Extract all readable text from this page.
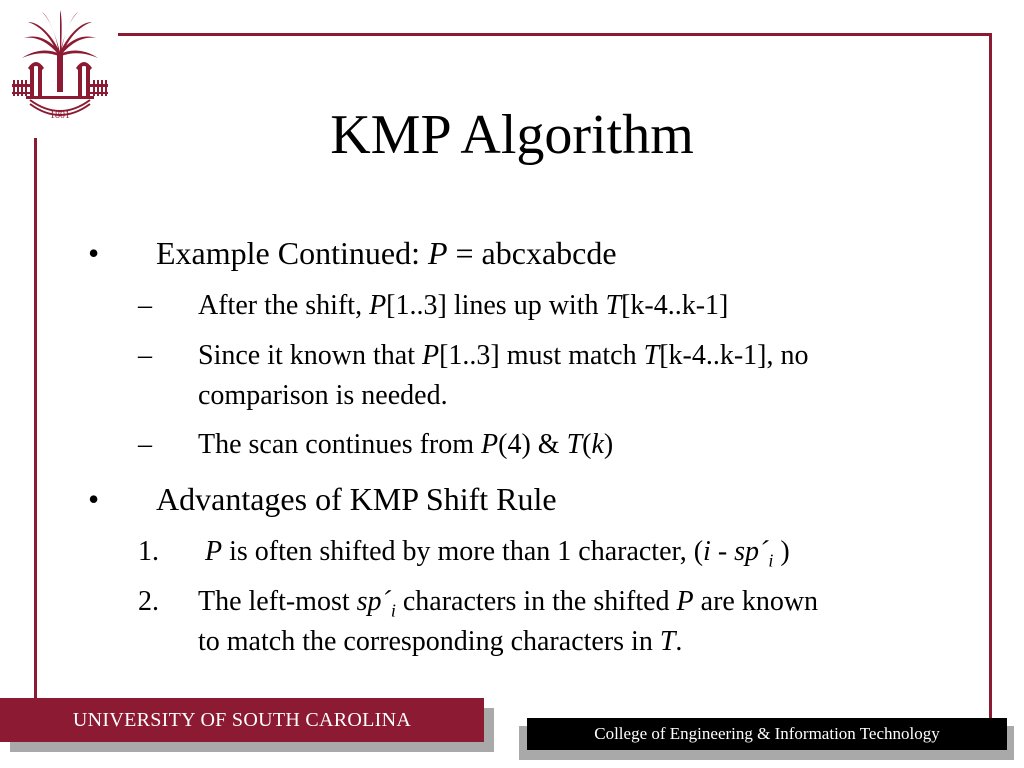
1801	KMP Algorithm
• Example Continued: P = abcxabcde
– After the shift, P[1..3] lines up with T[k-4..k-1]
– Since it known that P[1..3] must match T[k-4..k-1], no
comparison is needed.
– The scan continues from P(4) & T(k)
• Advantages of KMP Shift Rule
1. P is often shifted by more than 1 character, ($i - sp´_i$ )
2. The left-most $sp´_i$ characters in the shifted P are known
to match the corresponding characters in T.
UNIVERSITY OF SOUTH CAROLINA
College of Engineering & Information Technology
